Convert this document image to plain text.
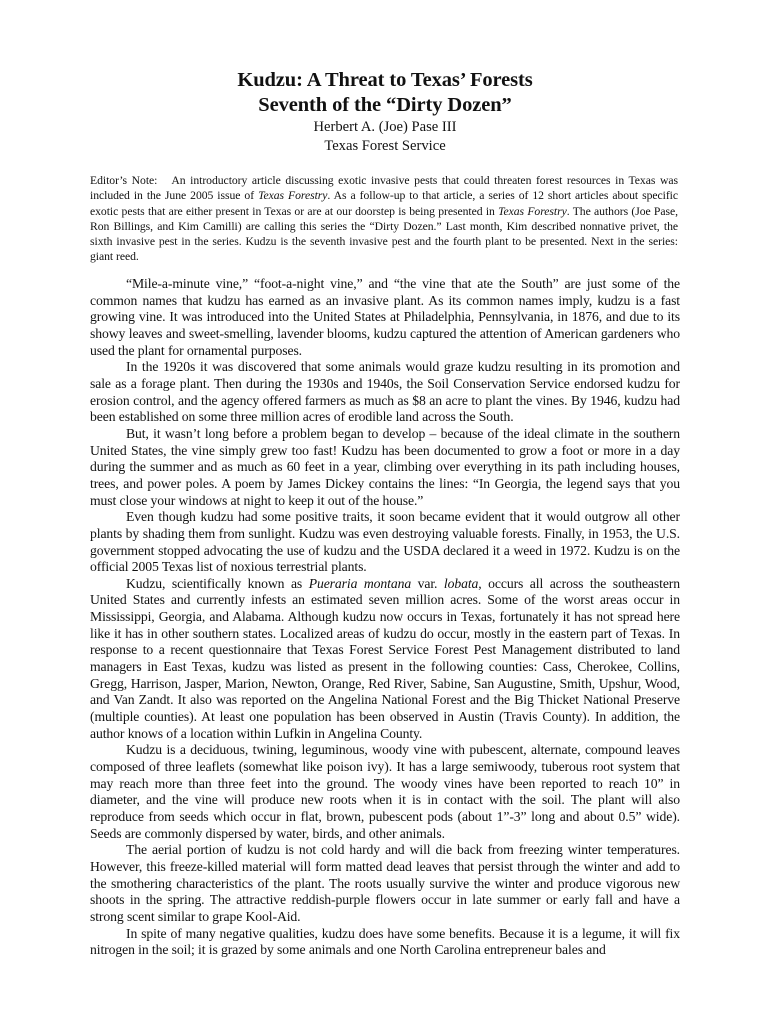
Kudzu: A Threat to Texas’ Forests
Seventh of the “Dirty Dozen”
Herbert A. (Joe) Pase III
Texas Forest Service
Editor’s Note: An introductory article discussing exotic invasive pests that could threaten forest resources in Texas was included in the June 2005 issue of Texas Forestry. As a follow-up to that article, a series of 12 short articles about specific exotic pests that are either present in Texas or are at our doorstep is being presented in Texas Forestry. The authors (Joe Pase, Ron Billings, and Kim Camilli) are calling this series the “Dirty Dozen.” Last month, Kim described nonnative privet, the sixth invasive pest in the series. Kudzu is the seventh invasive pest and the fourth plant to be presented. Next in the series: giant reed.

“Mile-a-minute vine,” “foot-a-night vine,” and “the vine that ate the South” are just some of the common names that kudzu has earned as an invasive plant. As its common names imply, kudzu is a fast growing vine. It was introduced into the United States at Philadelphia, Pennsylvania, in 1876, and due to its showy leaves and sweet-smelling, lavender blooms, kudzu captured the attention of American gardeners who used the plant for ornamental purposes.

In the 1920s it was discovered that some animals would graze kudzu resulting in its promotion and sale as a forage plant. Then during the 1930s and 1940s, the Soil Conservation Service endorsed kudzu for erosion control, and the agency offered farmers as much as $8 an acre to plant the vines. By 1946, kudzu had been established on some three million acres of erodible land across the South.

But, it wasn’t long before a problem began to develop – because of the ideal climate in the southern United States, the vine simply grew too fast! Kudzu has been documented to grow a foot or more in a day during the summer and as much as 60 feet in a year, climbing over everything in its path including houses, trees, and power poles. A poem by James Dickey contains the lines: “In Georgia, the legend says that you must close your windows at night to keep it out of the house.”

Even though kudzu had some positive traits, it soon became evident that it would outgrow all other plants by shading them from sunlight. Kudzu was even destroying valuable forests. Finally, in 1953, the U.S. government stopped advocating the use of kudzu and the USDA declared it a weed in 1972. Kudzu is on the official 2005 Texas list of noxious terrestrial plants.

Kudzu, scientifically known as Pueraria montana var. lobata, occurs all across the southeastern United States and currently infests an estimated seven million acres. Some of the worst areas occur in Mississippi, Georgia, and Alabama. Although kudzu now occurs in Texas, fortunately it has not spread here like it has in other southern states. Localized areas of kudzu do occur, mostly in the eastern part of Texas. In response to a recent questionnaire that Texas Forest Service Forest Pest Management distributed to land managers in East Texas, kudzu was listed as present in the following counties: Cass, Cherokee, Collins, Gregg, Harrison, Jasper, Marion, Newton, Orange, Red River, Sabine, San Augustine, Smith, Upshur, Wood, and Van Zandt. It also was reported on the Angelina National Forest and the Big Thicket National Preserve (multiple counties). At least one population has been observed in Austin (Travis County). In addition, the author knows of a location within Lufkin in Angelina County.

Kudzu is a deciduous, twining, leguminous, woody vine with pubescent, alternate, compound leaves composed of three leaflets (somewhat like poison ivy). It has a large semiwoody, tuberous root system that may reach more than three feet into the ground. The woody vines have been reported to reach 10” in diameter, and the vine will produce new roots when it is in contact with the soil. The plant will also reproduce from seeds which occur in flat, brown, pubescent pods (about 1”-3” long and about 0.5” wide). Seeds are commonly dispersed by water, birds, and other animals.

The aerial portion of kudzu is not cold hardy and will die back from freezing winter temperatures. However, this freeze-killed material will form matted dead leaves that persist through the winter and add to the smothering characteristics of the plant. The roots usually survive the winter and produce vigorous new shoots in the spring. The attractive reddish-purple flowers occur in late summer or early fall and have a strong scent similar to grape Kool-Aid.

In spite of many negative qualities, kudzu does have some benefits. Because it is a legume, it will fix nitrogen in the soil; it is grazed by some animals and one North Carolina entrepreneur bales and
